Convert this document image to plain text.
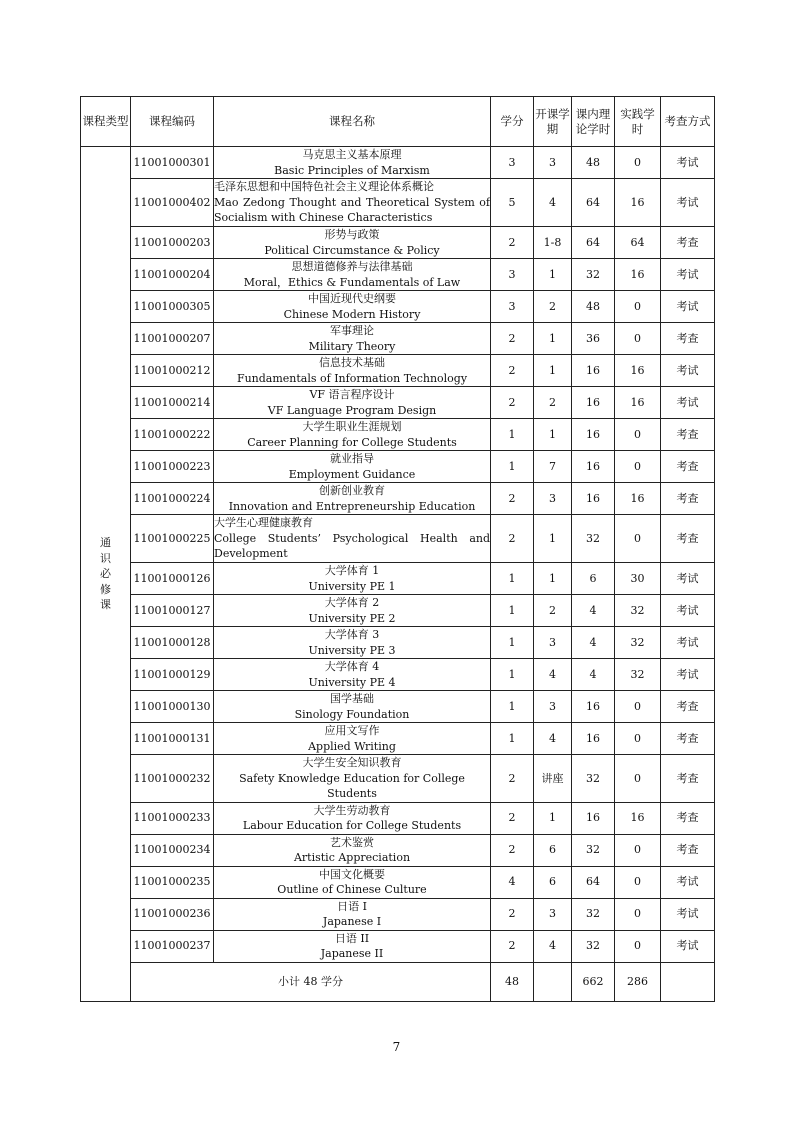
课程类型	课程编码	课程名称	学分	开课学期	课内理论学时	实践学时	考查方式

通识必修课	11001000301	马克思主义基本原理
Basic Principles of Marxism	3	3	48	0	考试
	11001000402	毛泽东思想和中国特色社会主义理论体系概论
Mao Zedong Thought and Theoretical System of Socialism with Chinese Characteristics	5	4	64	16	考试
	11001000203	形势与政策
Political Circumstance & Policy	2	1-8	64	64	考查
	11001000204	思想道德修养与法律基础
Moral，Ethics & Fundamentals of Law	3	1	32	16	考试
	11001000305	中国近现代史纲要
Chinese Modern History	3	2	48	0	考试
	11001000207	军事理论
Military Theory	2	1	36	0	考查
	11001000212	信息技术基础
Fundamentals of Information Technology	2	1	16	16	考试
	11001000214	VF 语言程序设计
VF Language Program Design	2	2	16	16	考试
	11001000222	大学生职业生涯规划
Career Planning for College Students	1	1	16	0	考查
	11001000223	就业指导
Employment Guidance	1	7	16	0	考查
	11001000224	创新创业教育
Innovation and Entrepreneurship Education	2	3	16	16	考查
	11001000225	大学生心理健康教育
College Students’ Psychological Health and Development	2	1	32	0	考查
	11001000126	大学体育 1
University PE 1	1	1	6	30	考试
	11001000127	大学体育 2
University PE 2	1	2	4	32	考试
	11001000128	大学体育 3
University PE 3	1	3	4	32	考试
	11001000129	大学体育 4
University PE 4	1	4	4	32	考试
	11001000130	国学基础
Sinology Foundation	1	3	16	0	考查
	11001000131	应用文写作
Applied Writing	1	4	16	0	考查
	11001000232	大学生安全知识教育
Safety Knowledge Education for College Students	2	讲座	32	0	考查
	11001000233	大学生劳动教育
Labour Education for College Students	2	1	16	16	考查
	11001000234	艺术鉴赏
Artistic Appreciation	2	6	32	0	考查
	11001000235	中国文化概要
Outline of Chinese Culture	4	6	64	0	考试
	11001000236	日语 I
Japanese I	2	3	32	0	考试
	11001000237	日语 II
Japanese II	2	4	32	0	考试
	小计 48 学分		48		662	286	
7
